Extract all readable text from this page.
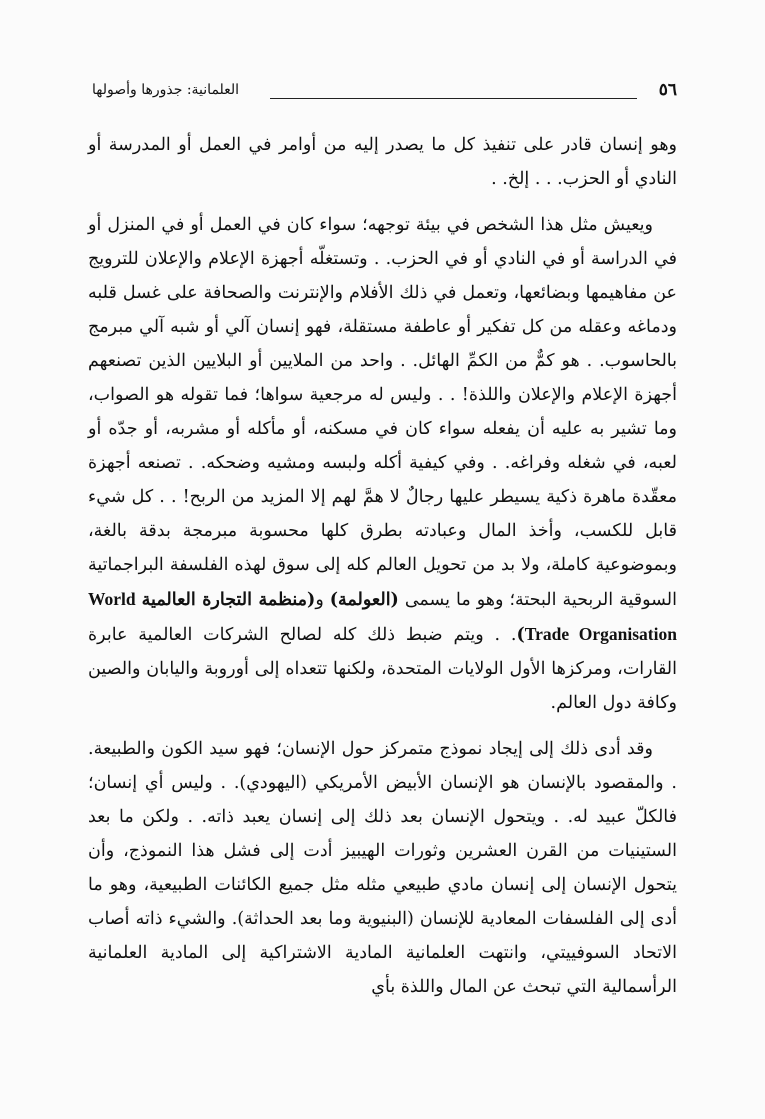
٥٦
العلمانية: جذورها وأصولها

وهو إنسان قادر على تنفيذ كل ما يصدر إليه من أوامر في العمل أو المدرسة أو النادي أو الحزب. . . إلخ. .

ويعيش مثل هذا الشخص في بيئة توجهه؛ سواء كان في العمل أو في المنزل أو في الدراسة أو في النادي أو في الحزب. . وتستغلّه أجهزة الإعلام والإعلان للترويج عن مفاهيمها وبضائعها، وتعمل في ذلك الأفلام والإنترنت والصحافة على غسل قلبه ودماغه وعقله من كل تفكير أو عاطفة مستقلة، فهو إنسان آلي أو شبه آلي مبرمج بالحاسوب. . هو كمٌّ من الكمِّ الهائل. . واحد من الملايين أو البلايين الذين تصنعهم أجهزة الإعلام والإعلان واللذة! . . وليس له مرجعية سواها؛ فما تقوله هو الصواب، وما تشير به عليه أن يفعله سواء كان في مسكنه، أو مأكله أو مشربه، أو جدّه أو لعبه، في شغله وفراغه. . وفي كيفية أكله ولبسه ومشيه وضحكه. . تصنعه أجهزة معقّدة ماهرة ذكية يسيطر عليها رجالٌ لا همَّ لهم إلا المزيد من الربح! . . كل شيء قابل للكسب، وأخذ المال وعبادته بطرق كلها محسوبة مبرمجة بدقة بالغة، وبموضوعية كاملة، ولا بد من تحويل العالم كله إلى سوق لهذه الفلسفة البراجماتية السوقية الربحية البحتة؛ وهو ما يسمى (العولمة) و(منظمة التجارة العالمية World Trade Organisation). . ويتم ضبط ذلك كله لصالح الشركات العالمية عابرة القارات، ومركزها الأول الولايات المتحدة، ولكنها تتعداه إلى أوروبة واليابان والصين وكافة دول العالم.

وقد أدى ذلك إلى إيجاد نموذج متمركز حول الإنسان؛ فهو سيد الكون والطبيعة. . والمقصود بالإنسان هو الإنسان الأبيض الأمريكي (اليهودي). . وليس أي إنسان؛ فالكلّ عبيد له. . ويتحول الإنسان بعد ذلك إلى إنسان يعبد ذاته. . ولكن ما بعد الستينيات من القرن العشرين وثورات الهيبيز أدت إلى فشل هذا النموذج، وأن يتحول الإنسان إلى إنسان مادي طبيعي مثله مثل جميع الكائنات الطبيعية، وهو ما أدى إلى الفلسفات المعادية للإنسان (البنيوية وما بعد الحداثة). والشيء ذاته أصاب الاتحاد السوفييتي، وانتهت العلمانية المادية الاشتراكية إلى المادية العلمانية الرأسمالية التي تبحث عن المال واللذة بأي
